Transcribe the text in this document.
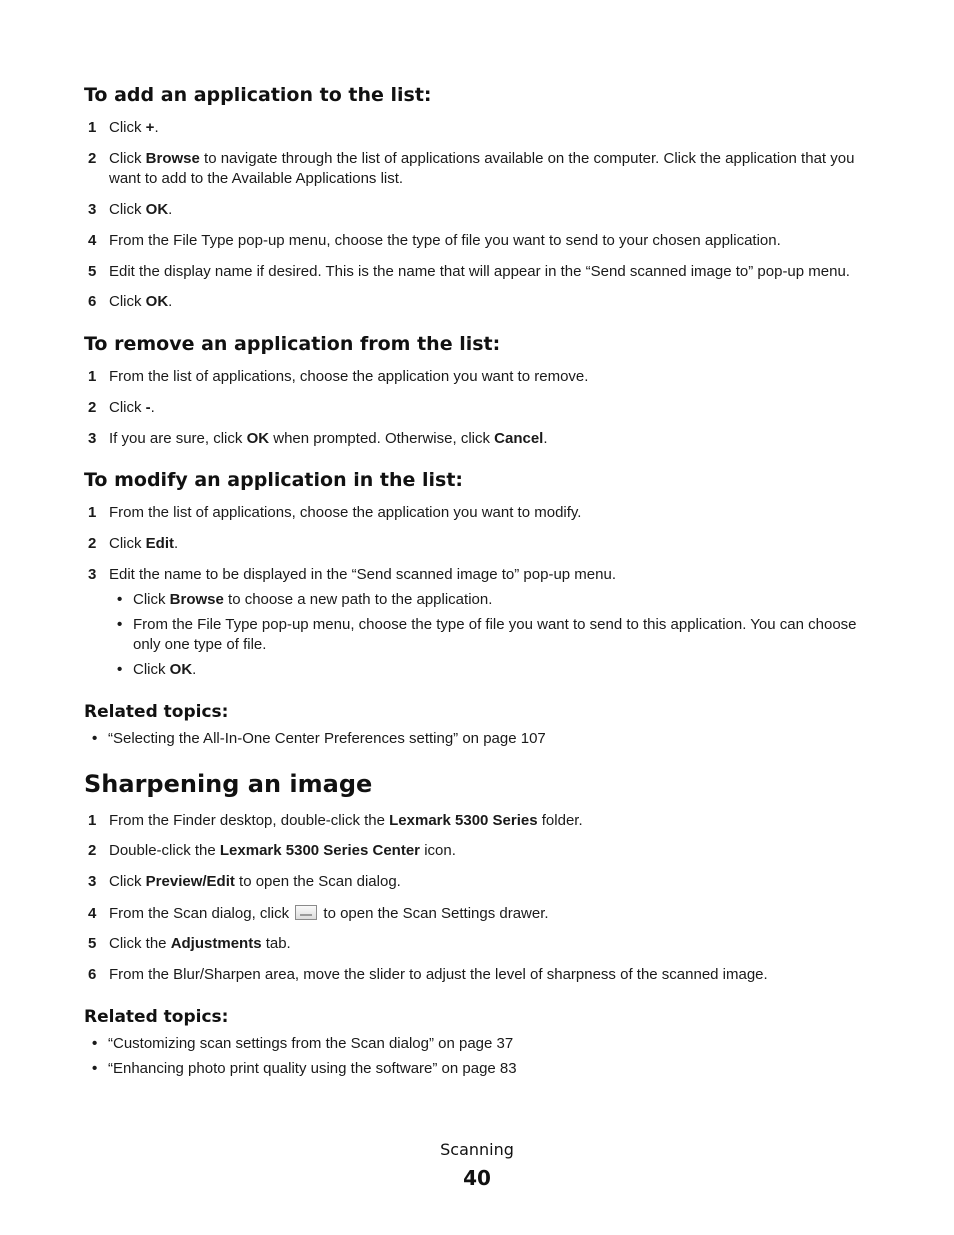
To add an application to the list:
1 Click +.
2 Click Browse to navigate through the list of applications available on the computer. Click the application that you want to add to the Available Applications list.
3 Click OK.
4 From the File Type pop-up menu, choose the type of file you want to send to your chosen application.
5 Edit the display name if desired. This is the name that will appear in the “Send scanned image to” pop-up menu.
6 Click OK.
To remove an application from the list:
1 From the list of applications, choose the application you want to remove.
2 Click -.
3 If you are sure, click OK when prompted. Otherwise, click Cancel.
To modify an application in the list:
1 From the list of applications, choose the application you want to modify.
2 Click Edit.
3 Edit the name to be displayed in the “Send scanned image to” pop-up menu.
• Click Browse to choose a new path to the application.
• From the File Type pop-up menu, choose the type of file you want to send to this application. You can choose only one type of file.
• Click OK.
Related topics:
• “Selecting the All-In-One Center Preferences setting” on page 107
Sharpening an image
1 From the Finder desktop, double-click the Lexmark 5300 Series folder.
2 Double-click the Lexmark 5300 Series Center icon.
3 Click Preview/Edit to open the Scan dialog.
4 From the Scan dialog, click  to open the Scan Settings drawer.
5 Click the Adjustments tab.
6 From the Blur/Sharpen area, move the slider to adjust the level of sharpness of the scanned image.
Related topics:
• “Customizing scan settings from the Scan dialog” on page 37
• “Enhancing photo print quality using the software” on page 83
Scanning
40
